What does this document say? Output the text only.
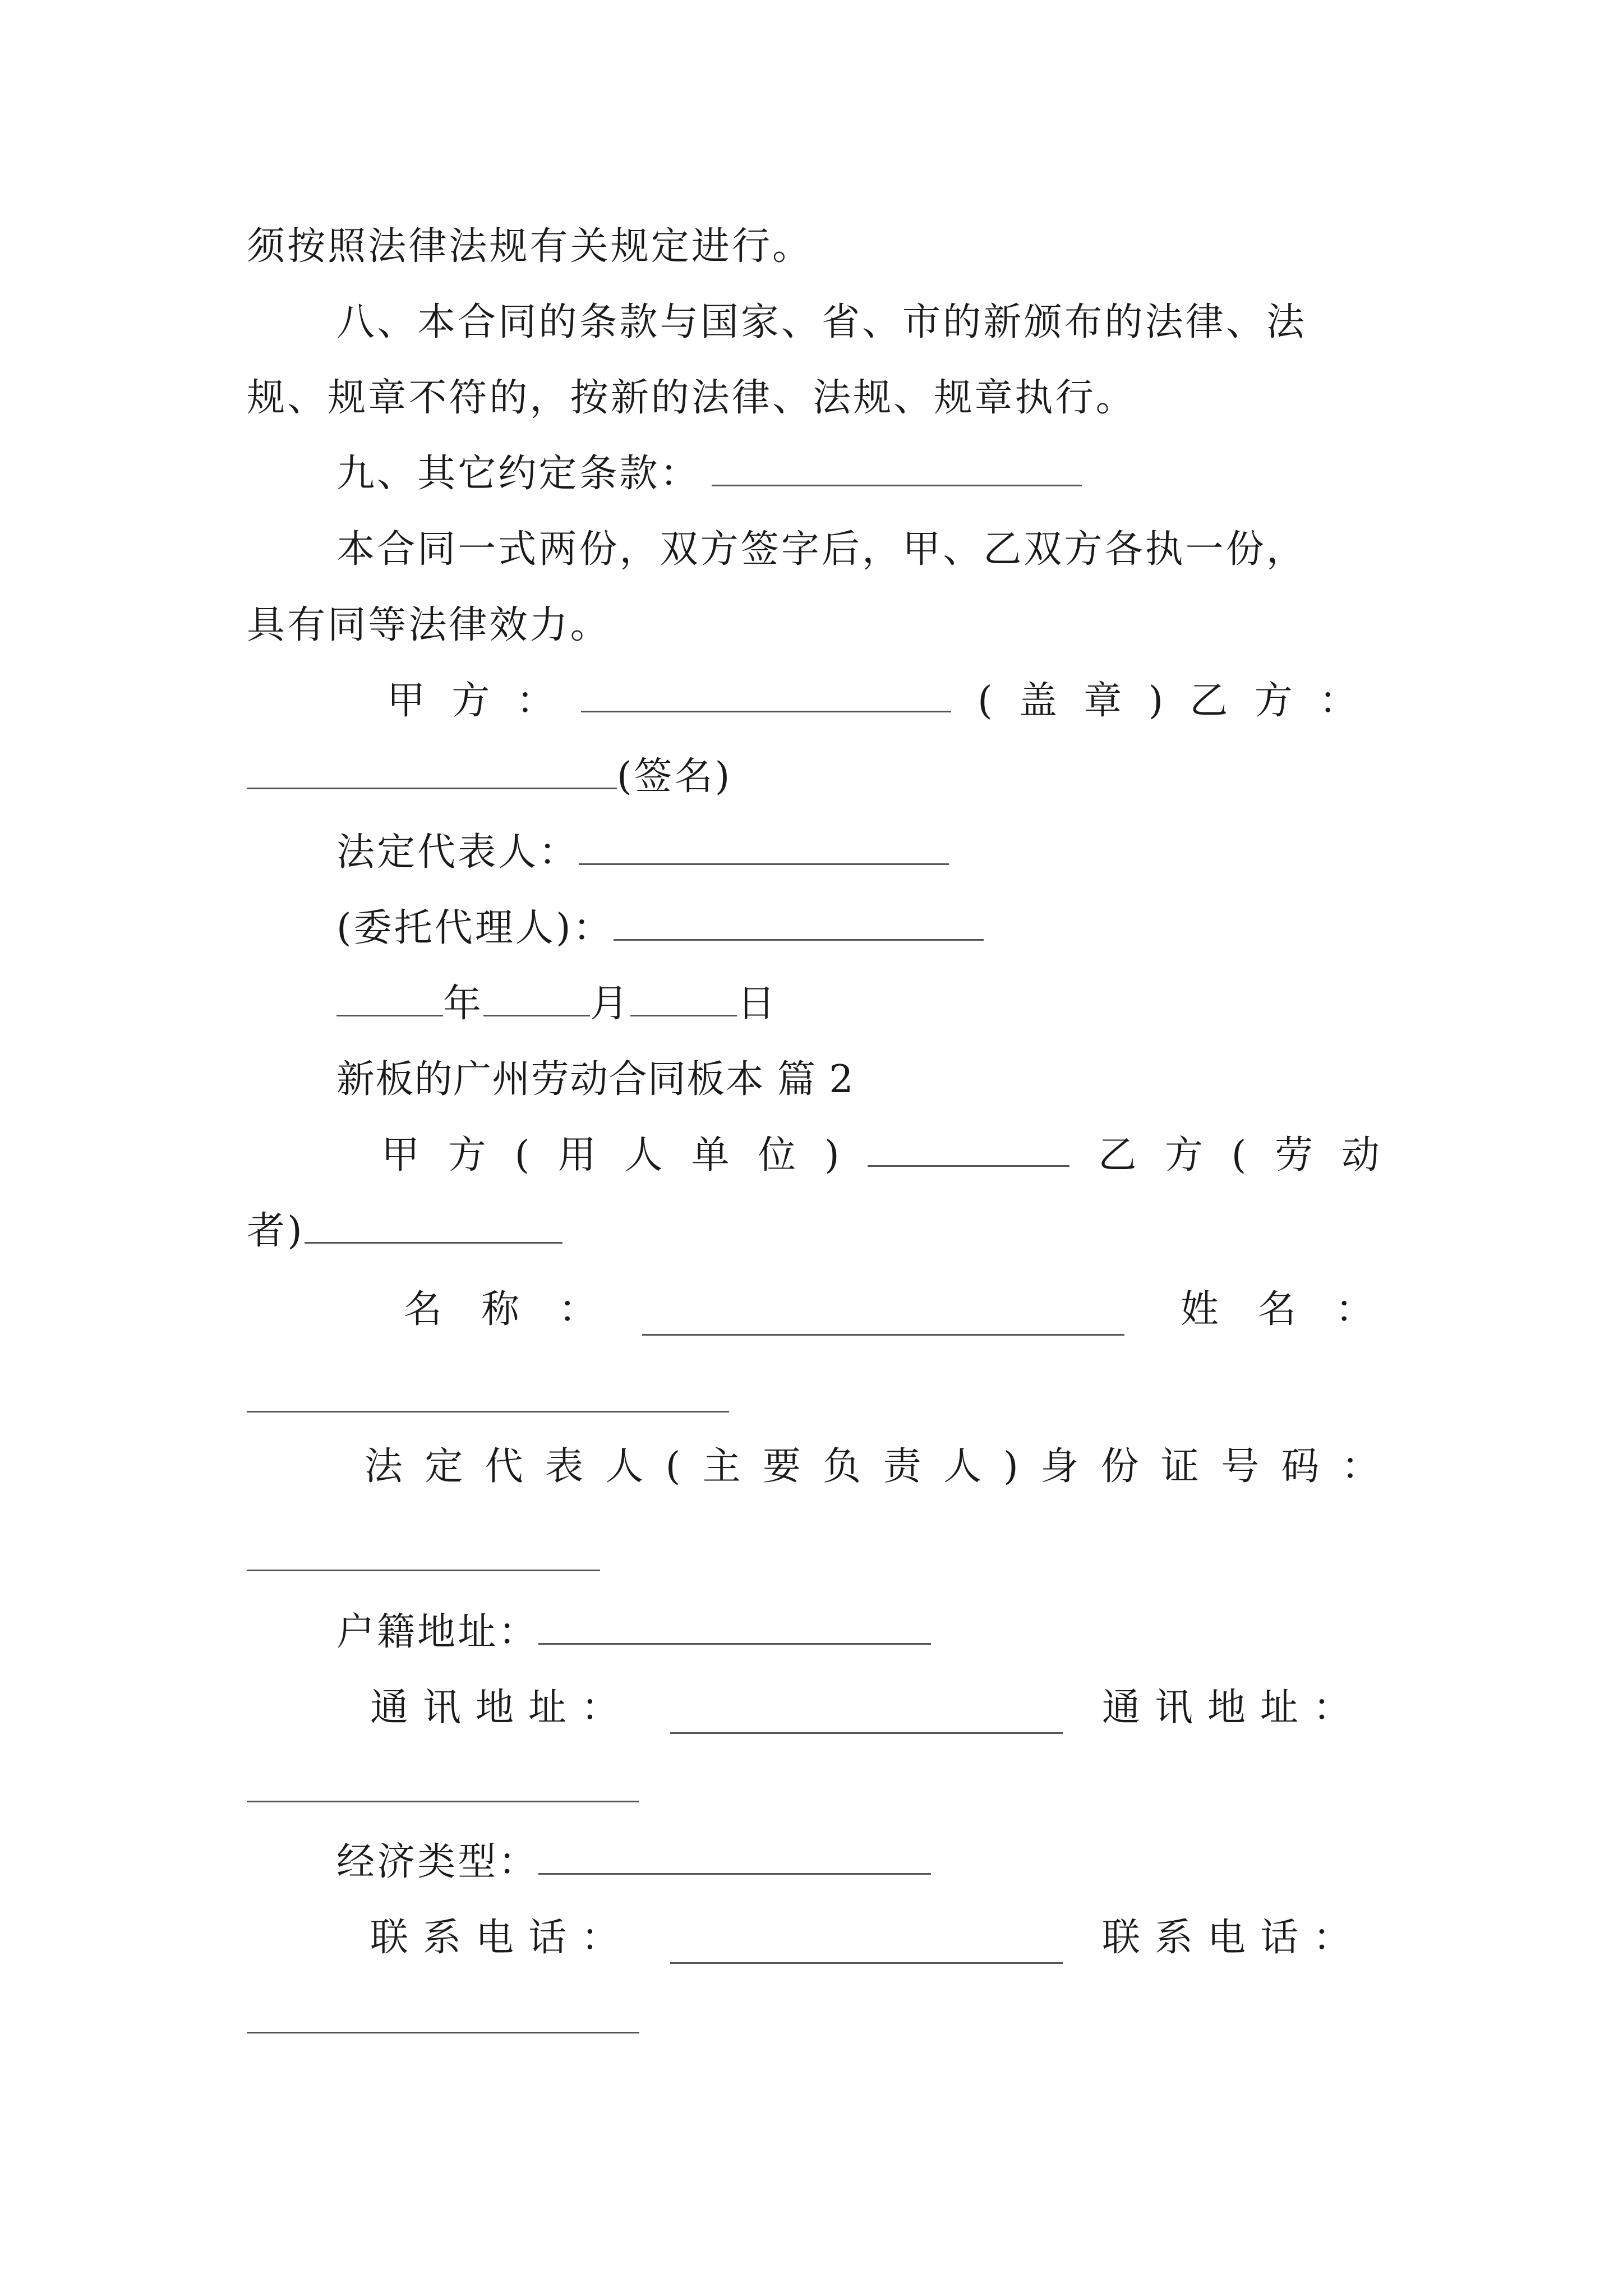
须按照法律法规有关规定进行。
八、本合同的条款与国家、省、市的新颁布的法律、法
规、规章不符的，按新的法律、法规、规章执行。
九、其它约定条款：
本合同一式两份，双方签字后，甲、乙双方各执一份，
具有同等法律效力。
甲 方 ：	( 盖 章 ) 乙 方 ：
(签名)
法定代表人：
(委托代理人)：
年	月	日
新板的广州劳动合同板本 篇 2
甲 方 ( 用 人 单 位 )	乙 方 ( 劳 动
者)
名 称 ：	姓 名 ：
法 定 代 表 人 ( 主 要 负 责 人 ) 身 份 证 号 码 ：
户籍地址：
通 讯 地 址 ：	通 讯 地 址 ：
经济类型：
联 系 电 话 ：	联 系 电 话 ：
